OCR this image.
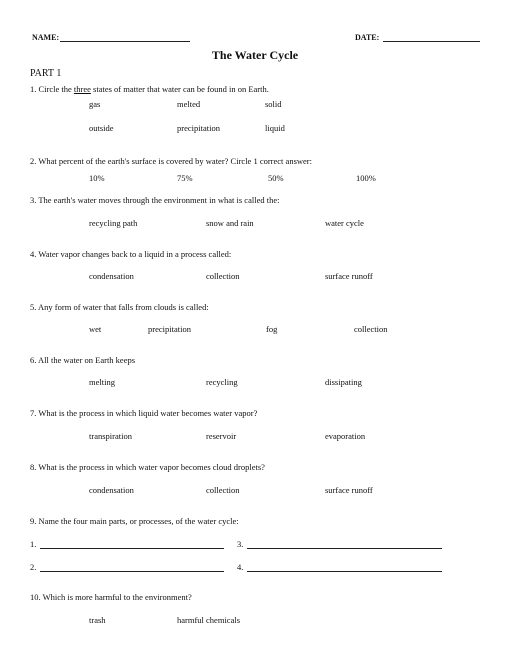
NAME:	DATE:
The Water Cycle
PART 1
1. Circle the three states of matter that water can be found in on Earth.
gas	melted	solid
outside	precipitation	liquid
2. What percent of the earth's surface is covered by water? Circle 1 correct answer:
10%	75%	50%	100%
3. The earth's water moves through the environment in what is called the:
recycling path	snow and rain	water cycle
4. Water vapor changes back to a liquid in a process called:
condensation	collection	surface runoff
5. Any form of water that falls from clouds is called:
wet	precipitation	fog	collection
6. All the water on Earth keeps
melting	recycling	dissipating
7. What is the process in which liquid water becomes water vapor?
transpiration	reservoir	evaporation
8. What is the process in which water vapor becomes cloud droplets?
condensation	collection	surface runoff
9. Name the four main parts, or processes, of the water cycle:
1.	3.
2.	4.
10. Which is more harmful to the environment?
trash	harmful chemicals
